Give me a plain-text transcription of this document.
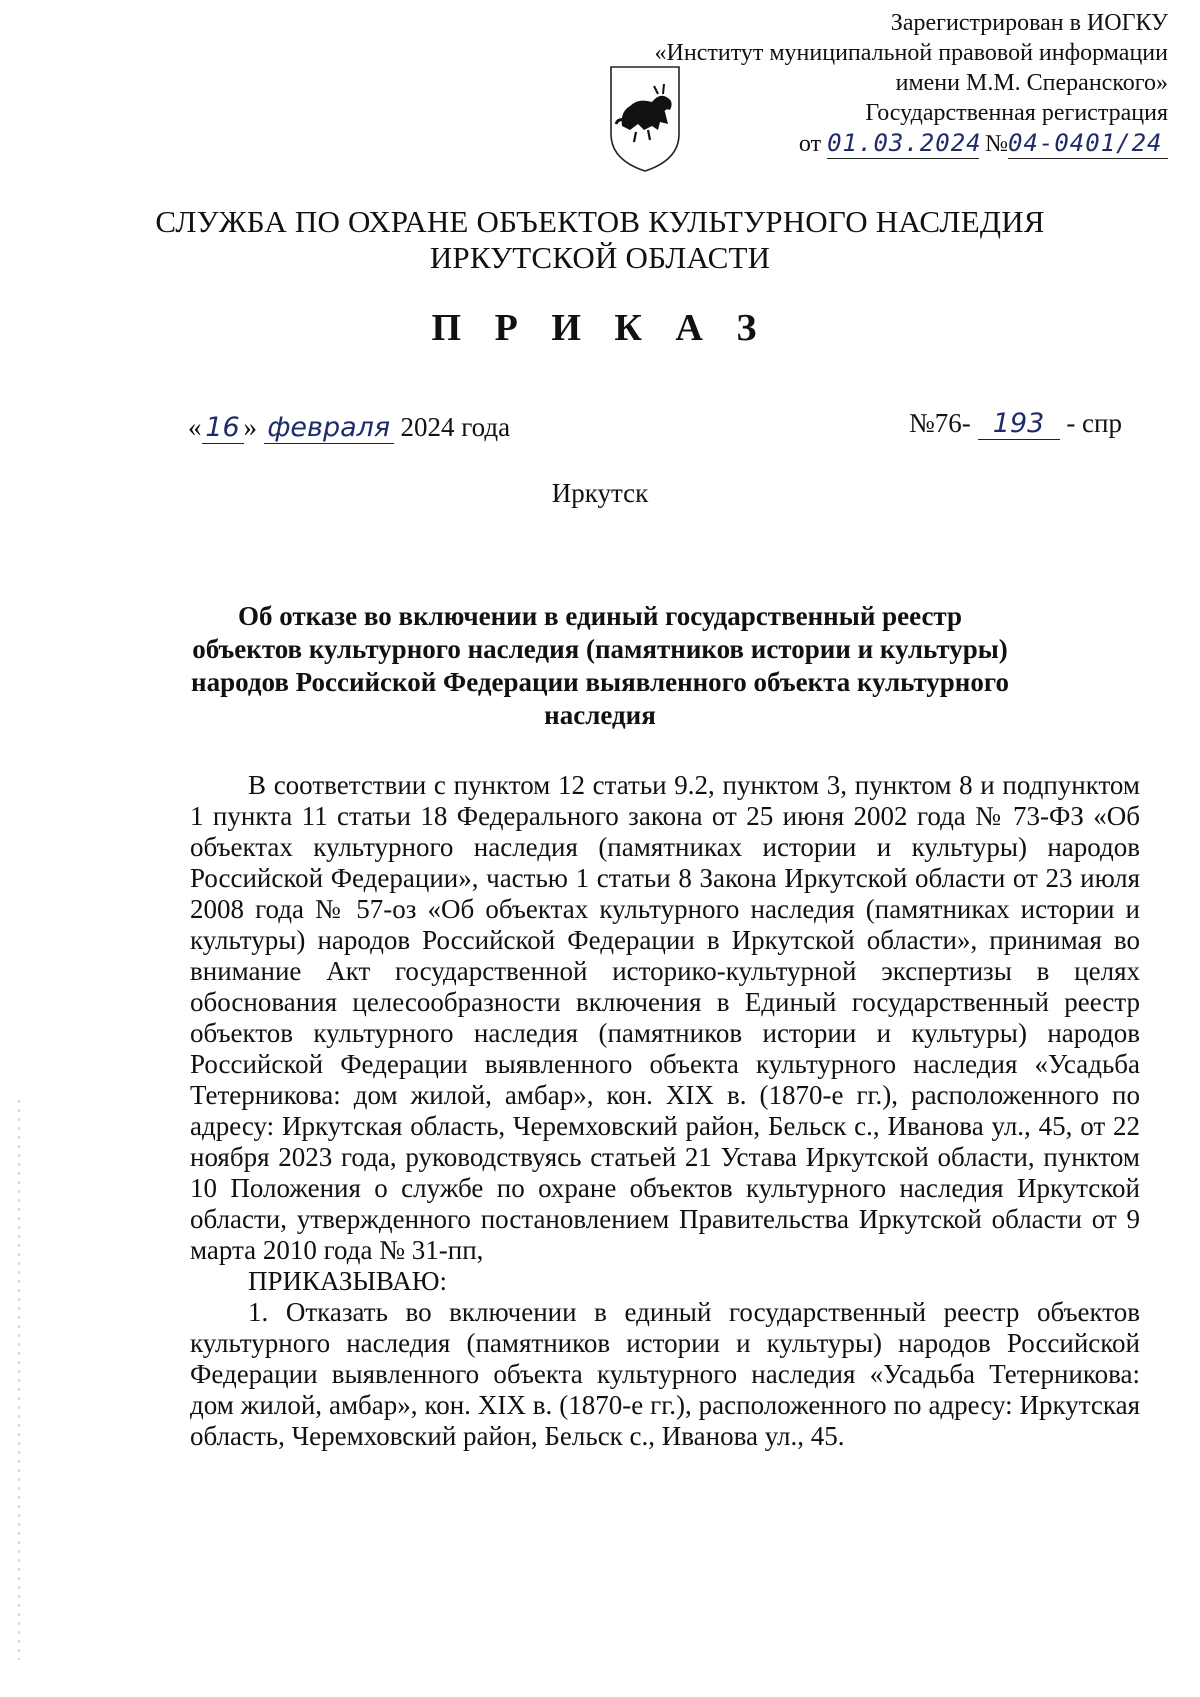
Зарегистрирован в ИОГКУ
«Институт муниципальной правовой информации
имени М.М. Сперанского»
Государственная регистрация
от 01.03.2024 №04-0401/24
СЛУЖБА ПО ОХРАНЕ ОБЪЕКТОВ КУЛЬТУРНОГО НАСЛЕДИЯ
ИРКУТСКОЙ ОБЛАСТИ
П Р И К А З
« 16 » февраля 2024 года	№76- 193 - спр
Иркутск
Об отказе во включении в единый государственный реестр объектов культурного наследия (памятников истории и культуры) народов Российской Федерации выявленного объекта культурного наследия

В соответствии с пунктом 12 статьи 9.2, пунктом 3, пунктом 8 и подпунктом 1 пункта 11 статьи 18 Федерального закона от 25 июня 2002 года № 73-ФЗ «Об объектах культурного наследия (памятниках истории и культуры) народов Российской Федерации», частью 1 статьи 8 Закона Иркутской области от 23 июля 2008 года № 57-оз «Об объектах культурного наследия (памятниках истории и культуры) народов Российской Федерации в Иркутской области», принимая во внимание Акт государственной историко-культурной экспертизы в целях обоснования целесообразности включения в Единый государственный реестр объектов культурного наследия (памятников истории и культуры) народов Российской Федерации выявленного объекта культурного наследия «Усадьба Тетерникова: дом жилой, амбар», кон. XIX в. (1870-е гг.), расположенного по адресу: Иркутская область, Черемховский район, Бельск с., Иванова ул., 45, от 22 ноября 2023 года, руководствуясь статьей 21 Устава Иркутской области, пунктом 10 Положения о службе по охране объектов культурного наследия Иркутской области, утвержденного постановлением Правительства Иркутской области от 9 марта 2010 года № 31-пп,

ПРИКАЗЫВАЮ:

1. Отказать во включении в единый государственный реестр объектов культурного наследия (памятников истории и культуры) народов Российской Федерации выявленного объекта культурного наследия «Усадьба Тетерникова: дом жилой, амбар», кон. XIX в. (1870-е гг.), расположенного по адресу: Иркутская область, Черемховский район, Бельск с., Иванова ул., 45.
